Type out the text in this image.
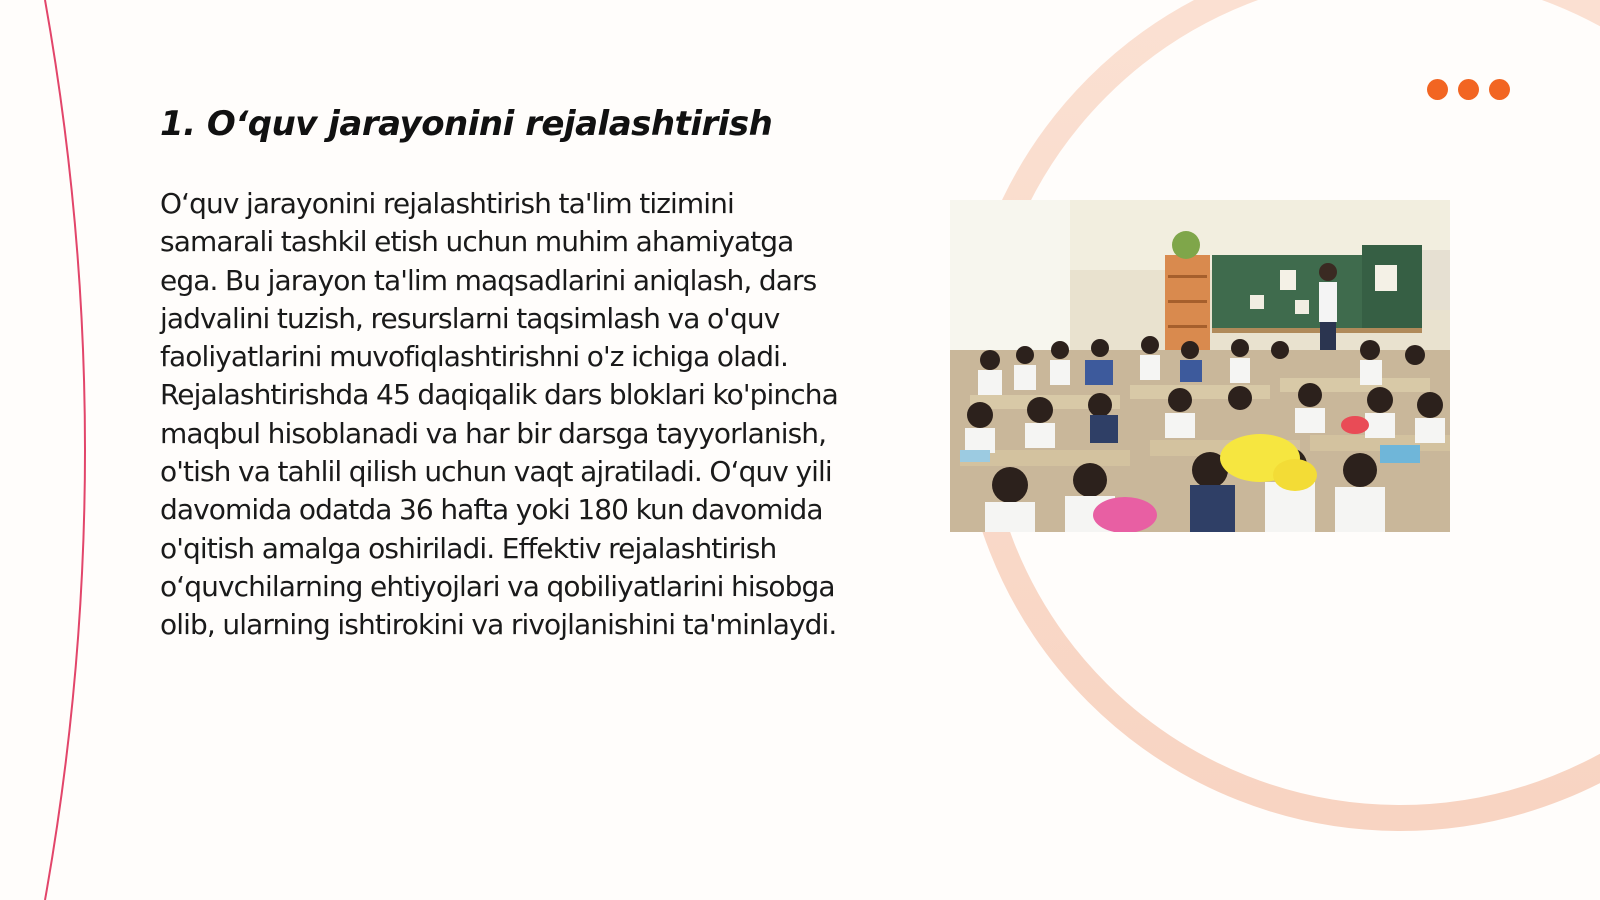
1. O‘quv jarayonini rejalashtirish

O‘quv jarayonini rejalashtirish ta'lim tizimini samarali tashkil etish uchun muhim ahamiyatga ega. Bu jarayon ta'lim maqsadlarini aniqlash, dars jadvalini tuzish, resurslarni taqsimlash va o'quv faoliyatlarini muvofiqlashtirishni o'z ichiga oladi. Rejalashtirishda 45 daqiqalik dars bloklari ko'pincha maqbul hisoblanadi va har bir darsga tayyorlanish, o'tish va tahlil qilish uchun vaqt ajratiladi. O‘quv yili davomida odatda 36 hafta yoki 180 kun davomida o'qitish amalga oshiriladi. Effektiv rejalashtirish o‘quvchilarning ehtiyojlari va qobiliyatlarini hisobga olib, ularning ishtirokini va rivojlanishini ta'minlaydi.
